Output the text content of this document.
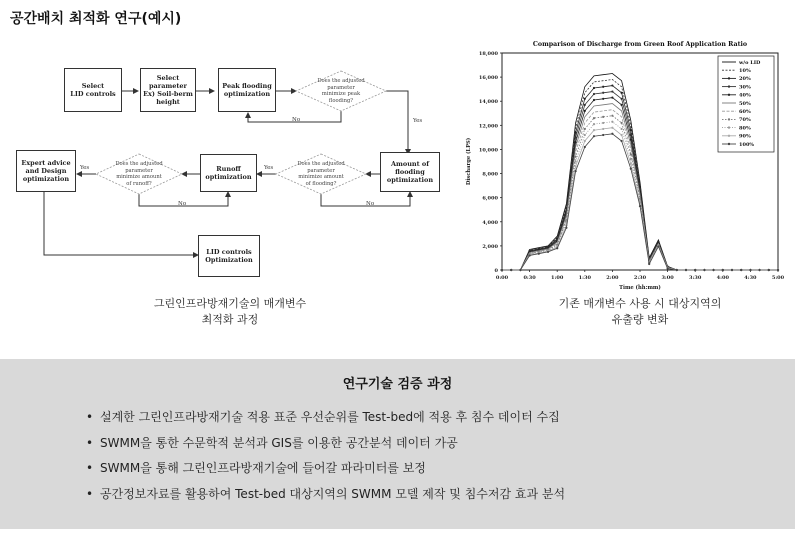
공간배치 최적화 연구(예시)
Select
LID controls
Select parameter
Ex) Soil-berm
height
Peak flooding
optimization
Expert advice
and Design
optimization
Runoff
optimization
Amount of
flooding
optimization
LID controls
Optimization
Does the adjusted
parameter
minimize peak
flooding?
Does the adjusted
parameter
minimize amount
of flooding?
Does the adjusted
parameter
minimize amount
of runoff?
Yes
No
Yes
No
Yes
No
그린인프라방재기술의 매개변수
최적화 과정
Comparison of Discharge from Green Roof Application Ratio
0
2,000
4,000
6,000
8,000
10,000
12,000
14,000
16,000
18,000
0:00	0:30	1:00	1:30	2:00	2:30	3:00	3:30	4:00	4:30	5:00
Time (hh:mm)
Discharge (LPS)
w/o LID
10%
20%
30%
40%
50%
60%
70%
80%
90%
100%
기존 매개변수 사용 시 대상지역의
유출량 변화
연구기술 검증 과정
• 설계한 그린인프라방재기술 적용 표준 우선순위를 Test-bed에 적용 후 침수 데이터 수집
• SWMM을 통한 수문학적 분석과 GIS를 이용한 공간분석 데이터 가공
• SWMM을 통해 그린인프라방재기술에 들어갈 파라미터를 보정
• 공간정보자료를 활용하여 Test-bed 대상지역의 SWMM 모델 제작 및 침수저감 효과 분석
